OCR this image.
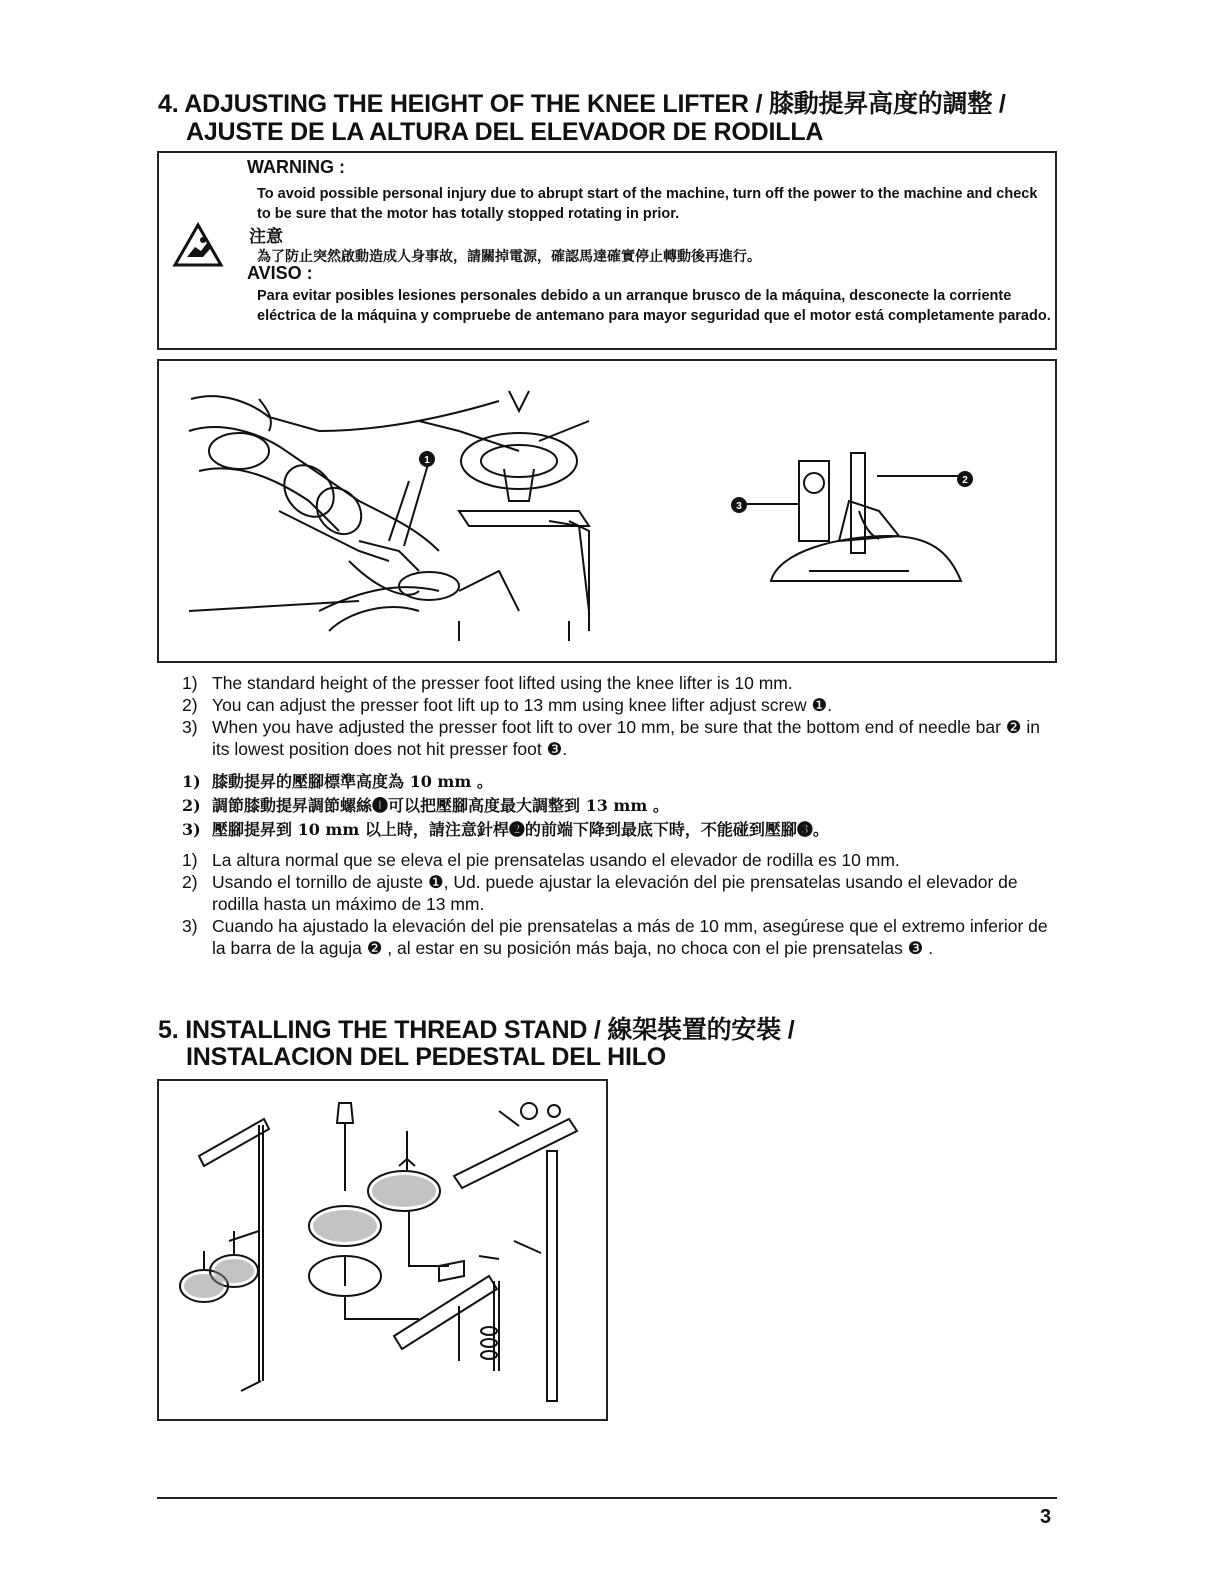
4. ADJUSTING THE HEIGHT OF THE KNEE LIFTER / 膝動提昇高度的調整 /
AJUSTE DE LA ALTURA DEL ELEVADOR DE RODILLA
WARNING :
To avoid possible personal injury due to abrupt start of the machine, turn off the power to the machine and check to be sure that the motor has totally stopped rotating in prior.
注意
為了防止突然啟動造成人身事故，請關掉電源，確認馬達確實停止轉動後再進行。
AVISO :
Para evitar posibles lesiones personales debido a un arranque brusco de la máquina, desconecte la corriente eléctrica de la máquina y compruebe de antemano para mayor seguridad que el motor está completamente parado.
1
2
3
1) The standard height of the presser foot lifted using the knee lifter is 10 mm.
2) You can adjust the presser foot lift up to 13 mm using knee lifter adjust screw ❶.
3) When you have adjusted the presser foot lift to over 10 mm, be sure that the bottom end of needle bar ❷ in its lowest position does not hit presser foot ❸.
1) 膝動提昇的壓腳標準高度為 10 mm 。
2) 調節膝動提昇調節螺絲❶可以把壓腳高度最大調整到 13 mm 。
3) 壓腳提昇到 10 mm 以上時，請注意針桿❷的前端下降到最底下時，不能碰到壓腳❸。
1) La altura normal que se eleva el pie prensatelas usando el elevador de rodilla es 10 mm.
2) Usando el tornillo de ajuste ❶, Ud. puede ajustar la elevación del pie prensatelas usando el elevador de rodilla hasta un máximo de 13 mm.
3) Cuando ha ajustado la elevación del pie prensatelas a más de 10 mm, asegúrese que el extremo inferior de la barra de la aguja ❷ , al estar en su posición más baja, no choca con el pie prensatelas ❸ .
5. INSTALLING THE THREAD STAND / 線架裝置的安裝 /
INSTALACION DEL PEDESTAL DEL HILO
3
